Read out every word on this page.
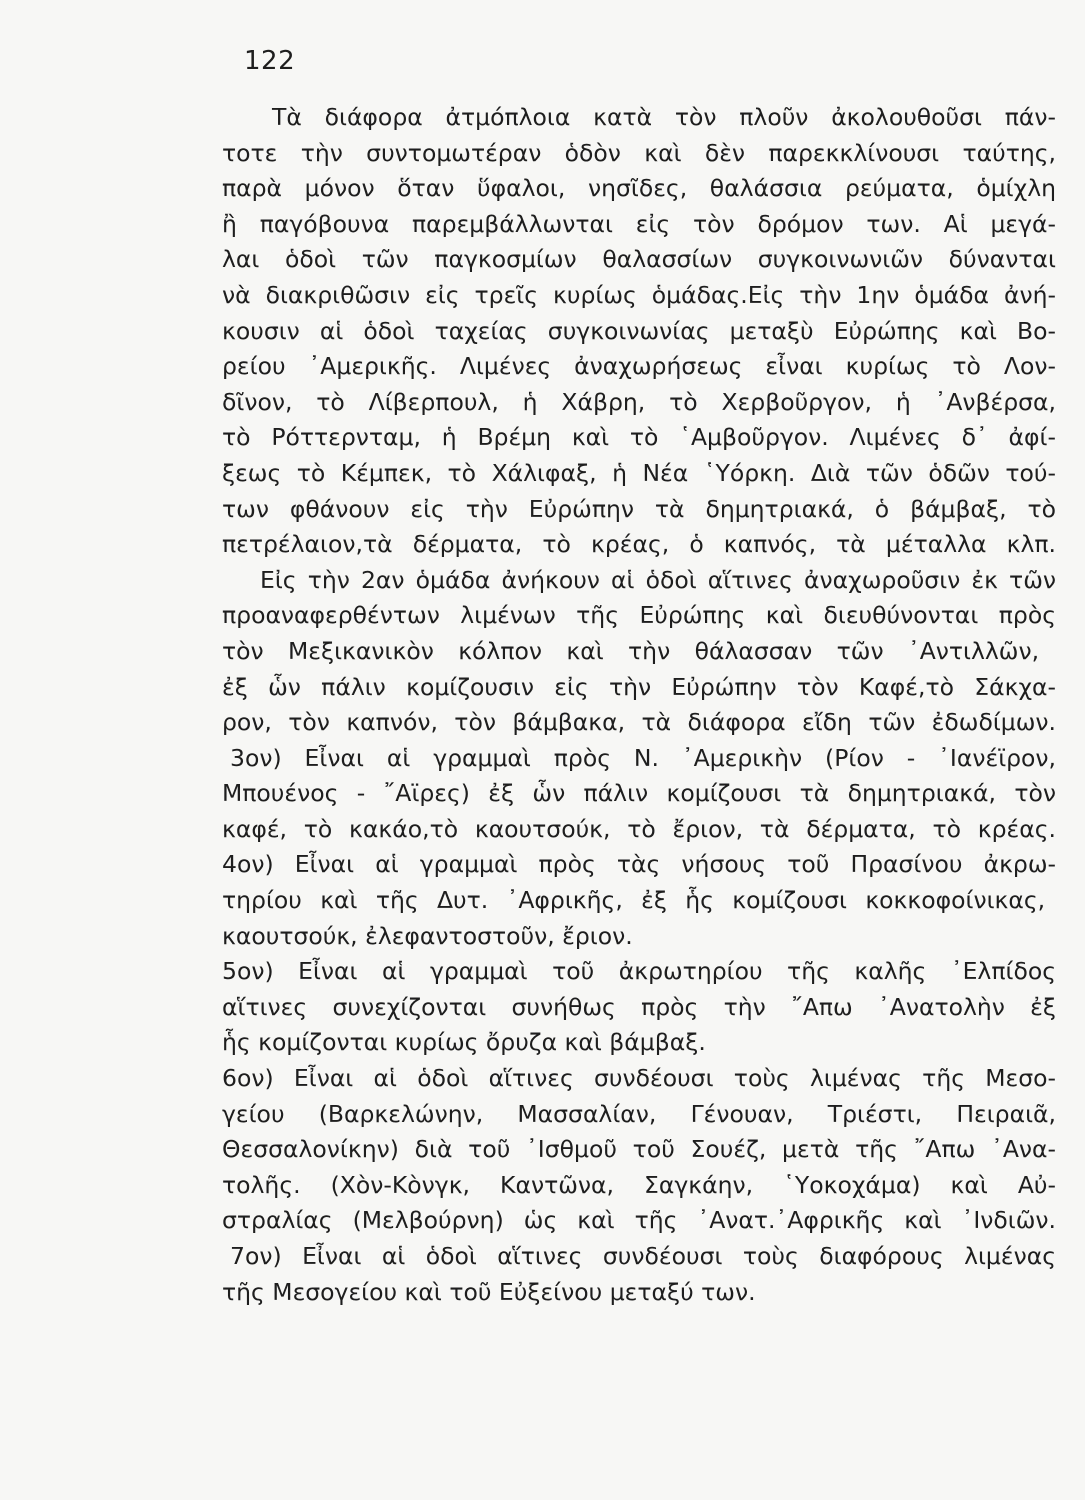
122
Τὰ διάφορα ἀτμόπλοια κατὰ τὸν πλοῦν ἀκολουθοῦσι πάν-
τοτε τὴν συντομωτέραν ὁδὸν καὶ δὲν παρεκκλίνουσι ταύτης,
παρὰ μόνον ὅταν ὕφαλοι, νησῖδες, θαλάσσια ρεύματα, ὁμίχλη
ἢ παγόβουνα παρεμβάλλωνται εἰς τὸν δρόμον των. Αἱ μεγά-
λαι ὁδοὶ τῶν παγκοσμίων θαλασσίων συγκοινωνιῶν δύνανται
νὰ διακριθῶσιν εἰς τρεῖς κυρίως ὁμάδας.Εἰς τὴν 1ην ὁμάδα ἀνή-
κουσιν αἱ ὁδοὶ ταχείας συγκοινωνίας μεταξὺ Εὐρώπης καὶ Βο-
ρείου ᾿Αμερικῆς. Λιμένες ἀναχωρήσεως εἶναι κυρίως τὸ Λον-
δῖνον, τὸ Λίβερπουλ, ἡ Χάβρη, τὸ Χερβοῦργον, ἡ ᾿Ανβέρσα,
τὸ Ρόττερνταμ, ἡ Βρέμη καὶ τὸ ῾Αμβοῦργον. Λιμένες δ᾿ ἀφί-
ξεως τὸ Κέμπεκ, τὸ Χάλιφαξ, ἡ Νέα ῾Υόρκη. Διὰ τῶν ὁδῶν τού-
των φθάνουν εἰς τὴν Εὐρώπην τὰ δημητριακά, ὁ βάμβαξ, τὸ
πετρέλαιον,τὰ δέρματα, τὸ κρέας, ὁ καπνός, τὰ μέταλλα κλπ.
Εἰς τὴν 2αν ὁμάδα ἀνήκουν αἱ ὁδοὶ αἵτινες ἀναχωροῦσιν ἐκ τῶν
προαναφερθέντων λιμένων τῆς Εὐρώπης καὶ διευθύνονται πρὸς
τὸν Μεξικανικὸν κόλπον καὶ τὴν θάλασσαν τῶν ᾿Αντιλλῶν,
ἐξ ὧν πάλιν κομίζουσιν εἰς τὴν Εὐρώπην τὸν Καφέ,τὸ Σάκχα-
ρον, τὸν καπνόν, τὸν βάμβακα, τὰ διάφορα εἴδη τῶν ἐδωδίμων.
3ον) Εἶναι αἱ γραμμαὶ πρὸς Ν. ᾿Αμερικὴν (Ρίον - ᾿Ιανέϊρον,
Μπουένος - ῎Αϊρες) ἐξ ὧν πάλιν κομίζουσι τὰ δημητριακά, τὸν
καφέ, τὸ κακάο,τὸ καουτσούκ, τὸ ἔριον, τὰ δέρματα, τὸ κρέας.
4ον) Εἶναι αἱ γραμμαὶ πρὸς τὰς νήσους τοῦ Πρασίνου ἀκρω-
τηρίου καὶ τῆς Δυτ. ᾿Αφρικῆς, ἐξ ἧς κομίζουσι κοκκοφοίνικας,
καουτσούκ, ἐλεφαντοστοῦν, ἔριον.
5ον) Εἶναι αἱ γραμμαὶ τοῦ ἀκρωτηρίου τῆς καλῆς ᾿Ελπίδος
αἵτινες συνεχίζονται συνήθως πρὸς τὴν ῎Απω ᾿Ανατολὴν ἐξ
ἧς κομίζονται κυρίως ὄρυζα καὶ βάμβαξ.
6ον) Εἶναι αἱ ὁδοὶ αἵτινες συνδέουσι τοὺς λιμένας τῆς Μεσο-
γείου (Βαρκελώνην, Μασσαλίαν, Γένουαν, Τριέστι, Πειραιᾶ,
Θεσσαλονίκην) διὰ τοῦ ᾿Ισθμοῦ τοῦ Σουέζ, μετὰ τῆς ῎Απω ᾿Ανα-
τολῆς. (Χὸν-Κὸνγκ, Καντῶνα, Σαγκάην, ῾Υοκοχάμα) καὶ Αὐ-
στραλίας (Μελβούρνη) ὡς καὶ τῆς ᾿Ανατ.᾿Αφρικῆς καὶ ᾿Ινδιῶν.
7ον) Εἶναι αἱ ὁδοὶ αἵτινες συνδέουσι τοὺς διαφόρους λιμένας
τῆς Μεσογείου καὶ τοῦ Εὐξείνου μεταξύ των.
